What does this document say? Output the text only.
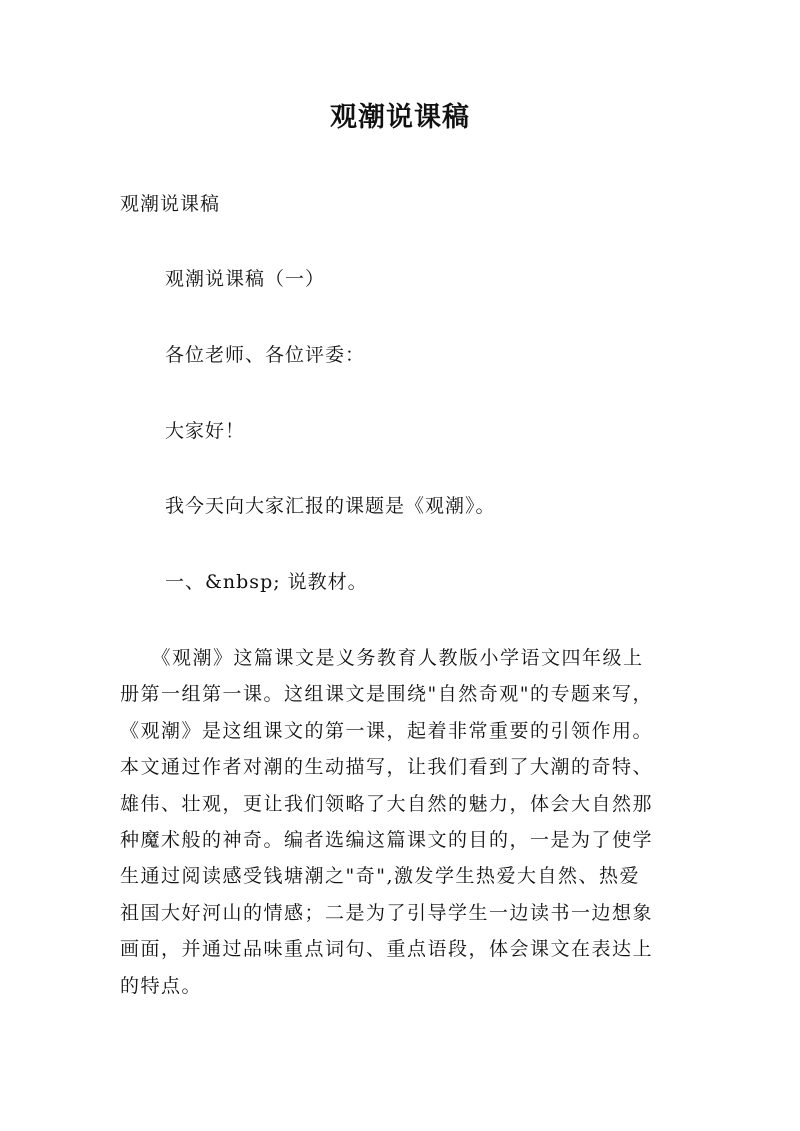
观潮说课稿
观潮说课稿
观潮说课稿（一）
各位老师、各位评委：
大家好！
我今天向大家汇报的课题是《观潮》。
一、&nbsp; 说教材。
　　《观潮》这篇课文是义务教育人教版小学语文四年级上
册第一组第一课。这组课文是围绕"自然奇观"的专题来写，
《观潮》是这组课文的第一课，起着非常重要的引领作用。
本文通过作者对潮的生动描写，让我们看到了大潮的奇特、
雄伟、壮观，更让我们领略了大自然的魅力，体会大自然那
种魔术般的神奇。编者选编这篇课文的目的，一是为了使学
生通过阅读感受钱塘潮之"奇",激发学生热爱大自然、热爱
祖国大好河山的情感；二是为了引导学生一边读书一边想象
画面，并通过品味重点词句、重点语段，体会课文在表达上
的特点。
